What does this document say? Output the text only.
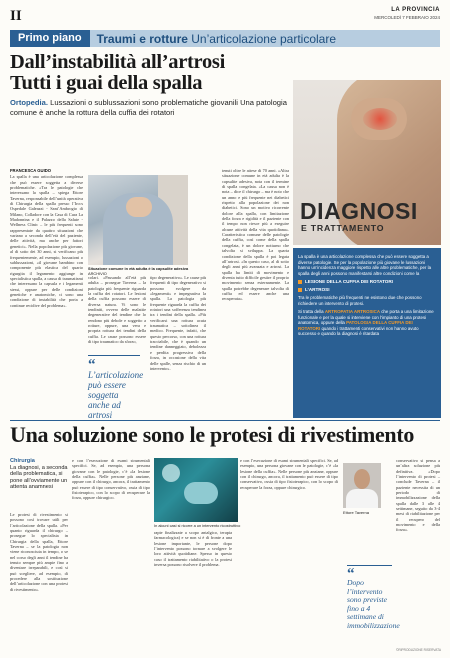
II	LA PROVINCIA
MERCOLEDÌ 7 FEBBRAIO 2024
Primo piano	Traumi e rotture Un’articolazione particolare
Dall’instabilità all’artrosi
Tutti i guai della spalla
Ortopedia. Lussazioni o sublussazioni sono problematiche giovanili Una patologia comune è anche la rottura della cuffia dei rotatori
FRANCESCA GUIDO
La spalla è una articolazione complessa che può essere soggetta a diverse problematiche. «Tra le patologie che interessano la spalla – spiega Ettore Taverna, responsabile dell’unità operativa di Chirurgia della spalla presso l’Irccs Ospedale Galeazzi - Sant’Ambrogio di Milano, Colladore con la Casa di Cura La Madonnina e il Palazzo della Salute - Wellness Clinic – le più frequenti sono rappresentate da quattro situazioni che variano a seconda dell’età del paziente, delle attività, ma anche per fattori genetici». Nella popolazione più giovane, al di sotto dei 30 anni, si verificano più frequentemente, ad esempio, lussazioni o sublussazioni, «il giovane bambino con componente più elastica del quarto rigurgita il legamento aggiunge in specialistica spalla, a causa di traumatismi che interessano la capsula e i legamenti stessi, oppure per delle condizioni genetiche e anatomiche, ci sono una condizione di instabilità che porta a continue recidive del problema».
Situazione comune in età adulta è la capsulite adesiva ARCHIVIO
colari. «Passando all’età più adulta – prosegue Taverna – la patologia più frequente riguarda la cuffia dei rotatori. Le lesioni della cuffia possono essere di diversa natura. Vi sono le tendiniti, ovvero delle malattie degenerative del tendine che lo rendono più debole e soggetto a rotture, oppure, una vera e propria rottura dei tendini della cuffia. Le cause possono essere di tipo traumatico da sforzo,
tipo degenerativo». Le cause più frequenti di tipo degenerativo si possono svolgere da «legamenti» e impegnativa la spalla. La patologia più frequente riguarda la cuffia dei rotatori una sofferenza tendinea tra i tendini della spalla. «Più verificarsi una rottura acuta traumatica – sottolinea il medico. Frequente, infatti, che questo percorso, con una rottura tracciabile, che è quando un tendine danneggiato, debolezza e perdita progressiva della forza, in occasione della vita delle spalle, senza rischio di un intervento».
tenuti oltre le attese di 70 anni. «Altra situazione comune in età adulta è la capsulite adesiva, nota con il termine di spalla congelata. «La causa non è nota – dice il chirurgo – ma è noto che un anno e più frequente nei diabetici rispetto alla popolazione dei non diabetici. Sono un motivo ricorrente dolore alla spalla, con limitazione della forza e rigidità e il paziente con il tempo non riesce più a eseguire alcune attività della vita quotidiana». Caratteristica comune delle patologie della cuffia, così come della spalla congelata, è un dolore notturno che talvolta si sviluppa. La quarta condizione della spalla è poi legata all’artrosi. «In questo caso, al di sotto degli anni più avanzata e artrosi. La spalla ha limiti di movimento e diventa tutto difficile gestire il proprio movimento senza esternamente. La spalla potrebbe degenerare talvolta di cuffia ed essere anche una recuperata».
“
L’articolazione può essere soggetta anche ad artrosi
DIAGNOSI
E TRATTAMENTO

La spalla è una articolazione complessa che può essere soggetta a diverse patologie. Se per la popolazione più giovane le lussazioni hanno un’incidenza maggiore rispetto alle altre problematiche, per la spalla degli anni possono manifestarsi altre condizioni come la

LESIONE DELLA CUFFIA DEI ROTATORI
L’ARTROSI

Tra le problematiche più frequenti ne esistono due che possono richiedere un intervento di protesi.

Si tratta della ARTROPATIA ARTROSICA che porta a una limitazione funzionale e per la quale si interviene con l’impianto di una protesi anatomica, oppure della PATOLOGIA DELLA CUFFIA DEI ROTATORI quando i trattamenti conservativi non hanno avuto successo e quando la diagnosi è ritardata

Una soluzione sono le protesi di rivestimento
Chirurgia
La diagnosi, a seconda della problematica, si pone all’ovviamente un attenta anamnesi
Le protesi di rivestimento si possono così trovare utili per l’articolazione della spalla. «Per quanto riguarda il chirurgo – prosegue lo specialista in Chirurgia della spalla, Ettore Taverna – se la patologia non viene riconosciuta in tempo, o se nel corso degli anni il tendine ha tenuto sempre più ampie fino a diventare irreparabili, e così si può scegliere, ad esempio, di procedere alla sostituzione dell’articolazione con una protesi di rivestimento».
e con l’esecuzione di esami strumentali specifici. Se, ad esempio, una persona giovane con le patologie, c’è «la lesione della cuffia». Nelle persone più anziane, oppure con il chirurgo, ancora, il trattamento può essere di tipo conservativo, ossia di tipo fisioterapico, con lo scopo di recuperare la forza, oppure chirurgico.
In alcuni casi si ricorre a un intervento ricostruttivo
rapie finalizzate a scopo antalgico, terapia farmacologica) e se non si è di fronte a una lesione importante, le persone dopo l’intervento possono tornare a svolgere le loro attività quotidiane. Spesso in questo caso il trattamento riabilitativo o la protesi inversa possono risolvere il problema.
e con l’esecuzione di esami strumentali specifici. Se, ad esempio, una persona giovane con le patologie, c’è «la lesione della cuffia». Nelle persone più anziane, oppure con il chirurgo, ancora, il trattamento può essere di tipo conservativo, ossia di tipo fisioterapico, con lo scopo di recuperare la forza, oppure chirurgico.
Ettore Taverna
“
Dopo l’intervento sono previste fino a 4 settimane di immobilizzazione
conservativo si pensa a un’altra soluzione più definitiva. «Dopo l’intervento di protesi – conclude Taverna – il paziente necessita di un periodo di immobilizzazione della spalla dalle 3 alle 4 settimane, seguito da 3-4 mesi di riabilitazione per il recupero del movimento e della forza».
©RIPRODUZIONE RISERVATA
